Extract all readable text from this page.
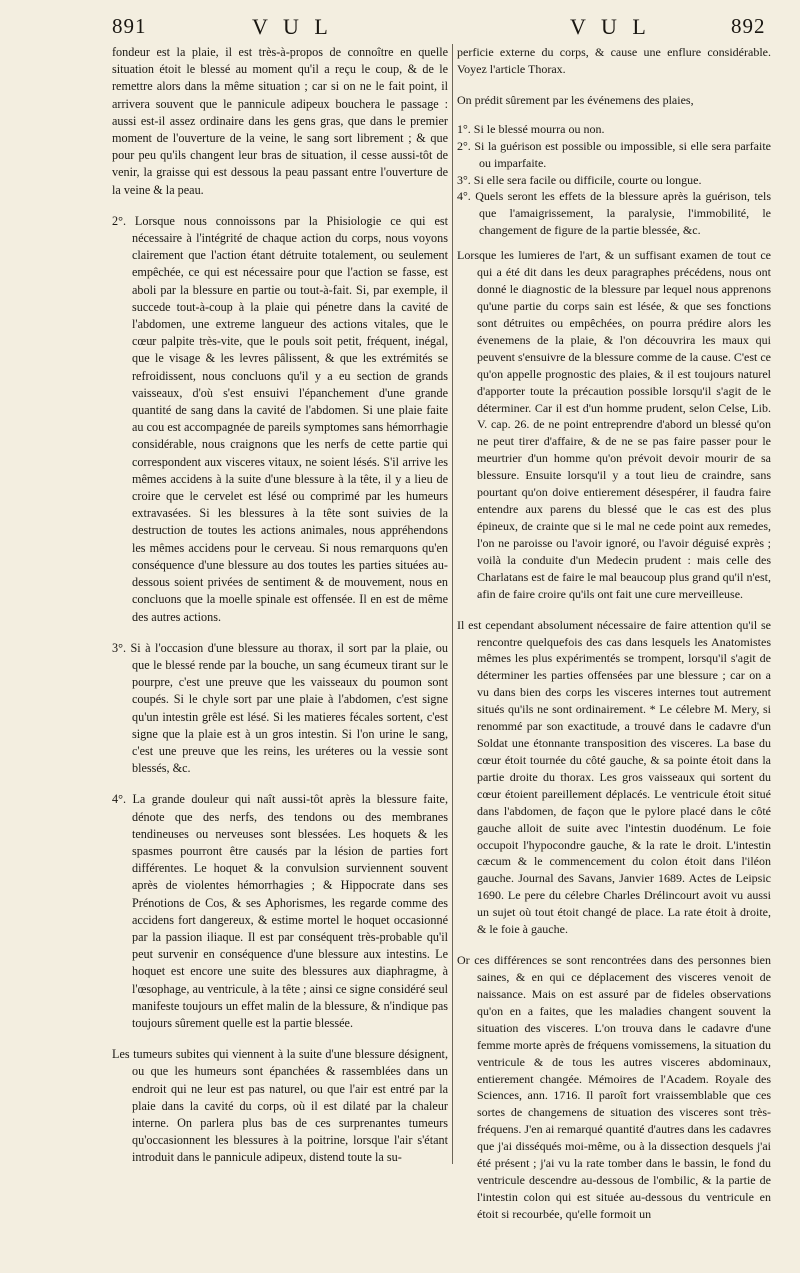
891	V U L	V U L	892

fondeur est la plaie, il est très-à-propos de connoître en quelle situation étoit le blessé au moment qu'il a reçu le coup, & de le remettre alors dans la même situation ; car si on ne le fait point, il arrivera souvent que le pannicule adipeux bouchera le passage : aussi est-il assez ordinaire dans les gens gras, que dans le premier moment de l'ouverture de la veine, le sang sort librement ; & que pour peu qu'ils changent leur bras de situation, il cesse aussi-tôt de venir, la graisse qui est dessous la peau passant entre l'ouverture de la veine & la peau.

2°. Lorsque nous connoissons par la Phisiologie ce qui est nécessaire à l'intégrité de chaque action du corps, nous voyons clairement que l'action étant détruite totalement, ou seulement empêchée, ce qui est nécessaire pour que l'action se fasse, est aboli par la blessure en partie ou tout-à-fait. Si, par exemple, il succede tout-à-coup à la plaie qui pénetre dans la cavité de l'abdomen, une extreme langueur des actions vitales, que le cœur palpite très-vite, que le pouls soit petit, fréquent, inégal, que le visage & les levres pâlissent, & que les extrémités se refroidissent, nous concluons qu'il y a eu section de grands vaisseaux, d'où s'est ensuivi l'épanchement d'une grande quantité de sang dans la cavité de l'abdomen. Si une plaie faite au cou est accompagnée de pareils symptomes sans hémorrhagie considérable, nous craignons que les nerfs de cette partie qui correspondent aux visceres vitaux, ne soient lésés. S'il arrive les mêmes accidens à la suite d'une blessure à la tête, il y a lieu de croire que le cervelet est lésé ou comprimé par les humeurs extravasées. Si les blessures à la tête sont suivies de la destruction de toutes les actions animales, nous appréhendons les mêmes accidens pour le cerveau. Si nous remarquons qu'en conséquence d'une blessure au dos toutes les parties situées au-dessous soient privées de sentiment & de mouvement, nous en concluons que la moelle spinale est offensée. Il en est de même des autres actions.

3°. Si à l'occasion d'une blessure au thorax, il sort par la plaie, ou que le blessé rende par la bouche, un sang écumeux tirant sur le pourpre, c'est une preuve que les vaisseaux du poumon sont coupés. Si le chyle sort par une plaie à l'abdomen, c'est signe qu'un intestin grêle est lésé. Si les matieres fécales sortent, c'est signe que la plaie est à un gros intestin. Si l'on urine le sang, c'est une preuve que les reins, les uréteres ou la vessie sont blessés, &c.

4°. La grande douleur qui naît aussi-tôt après la blessure faite, dénote que des nerfs, des tendons ou des membranes tendineuses ou nerveuses sont blessées. Les hoquets & les spasmes pourront être causés par la lésion de parties fort différentes. Le hoquet & la convulsion surviennent souvent après de violentes hémorrhagies ; & Hippocrate dans ses Prénotions de Cos, & ses Aphorismes, les regarde comme des accidens fort dangereux, & estime mortel le hoquet occasionné par la passion iliaque. Il est par conséquent très-probable qu'il peut survenir en conséquence d'une blessure aux intestins. Le hoquet est encore une suite des blessures aux diaphragme, à l'œsophage, au ventricule, à la tête ; ainsi ce signe considéré seul manifeste toujours un effet malin de la blessure, & n'indique pas toujours sûrement quelle est la partie blessée.

Les tumeurs subites qui viennent à la suite d'une blessure désignent, ou que les humeurs sont épanchées & rassemblées dans un endroit qui ne leur est pas naturel, ou que l'air est entré par la plaie dans la cavité du corps, où il est dilaté par la chaleur interne. On parlera plus bas de ces surprenantes tumeurs qu'occasionnent les blessures à la poitrine, lorsque l'air s'étant introduit dans le pannicule adipeux, distend toute la su-

perficie externe du corps, & cause une enflure considérable. Voyez l'article Thorax.

On prédit sûrement par les événemens des plaies,

1°. Si le blessé mourra ou non.
2°. Si la guérison est possible ou impossible, si elle sera parfaite ou imparfaite.
3°. Si elle sera facile ou difficile, courte ou longue.
4°. Quels seront les effets de la blessure après la guérison, tels que l'amaigrissement, la paralysie, l'immobilité, le changement de figure de la partie blessée, &c.

Lorsque les lumieres de l'art, & un suffisant examen de tout ce qui a été dit dans les deux paragraphes précédens, nous ont donné le diagnostic de la blessure par lequel nous apprenons qu'une partie du corps sain est lésée, & que ses fonctions sont détruites ou empêchées, on pourra prédire alors les évenemens de la plaie, & l'on découvrira les maux qui peuvent s'ensuivre de la blessure comme de la cause. C'est ce qu'on appelle prognostic des plaies, & il est toujours naturel d'apporter toute la précaution possible lorsqu'il s'agit de le déterminer. Car il est d'un homme prudent, selon Celse, Lib. V. cap. 26. de ne point entreprendre d'abord un blessé qu'on ne peut tirer d'affaire, & de ne se pas faire passer pour le meurtrier d'un homme qu'on prévoit devoir mourir de sa blessure. Ensuite lorsqu'il y a tout lieu de craindre, sans pourtant qu'on doive entierement désespérer, il faudra faire entendre aux parens du blessé que le cas est des plus épineux, de crainte que si le mal ne cede point aux remedes, l'on ne paroisse ou l'avoir ignoré, ou l'avoir déguisé exprès ; voilà la conduite d'un Medecin prudent : mais celle des Charlatans est de faire le mal beaucoup plus grand qu'il n'est, afin de faire croire qu'ils ont fait une cure merveilleuse.

Il est cependant absolument nécessaire de faire attention qu'il se rencontre quelquefois des cas dans lesquels les Anatomistes mêmes les plus expérimentés se trompent, lorsqu'il s'agit de déterminer les parties offensées par une blessure ; car on a vu dans bien des corps les visceres internes tout autrement situés qu'ils ne sont ordinairement. * Le célebre M. Mery, si renommé par son exactitude, a trouvé dans le cadavre d'un Soldat une étonnante transposition des visceres. La base du cœur étoit tournée du côté gauche, & sa pointe étoit dans la partie droite du thorax. Les gros vaisseaux qui sortent du cœur étoient pareillement déplacés. Le ventricule étoit situé dans l'abdomen, de façon que le pylore placé dans le côté gauche alloit de suite avec l'intestin duodénum. Le foie occupoit l'hypocondre gauche, & la rate le droit. L'intestin cæcum & le commencement du colon étoit dans l'iléon gauche. Journal des Savans, Janvier 1689. Actes de Leipsic 1690. Le pere du célebre Charles Drélincourt avoit vu aussi un sujet où tout étoit changé de place. La rate étoit à droite, & le foie à gauche.

Or ces différences se sont rencontrées dans des personnes bien saines, & en qui ce déplacement des visceres venoit de naissance. Mais on est assuré par de fideles observations qu'on en a faites, que les maladies changent souvent la situation des visceres. L'on trouva dans le cadavre d'une femme morte après de fréquens vomissemens, la situation du ventricule & de tous les autres visceres abdominaux, entierement changée. Mémoires de l'Academ. Royale des Sciences, ann. 1716. Il paroît fort vraissemblable que ces sortes de changemens de situation des visceres sont très-fréquens. J'en ai remarqué quantité d'autres dans les cadavres que j'ai disséqués moi-même, ou à la dissection desquels j'ai été présent ; j'ai vu la rate tomber dans le bassin, le fond du ventricule descendre au-dessous de l'ombilic, & la partie de l'intestin colon qui est située au-dessous du ventricule en étoit si recourbée, qu'elle formoit un
